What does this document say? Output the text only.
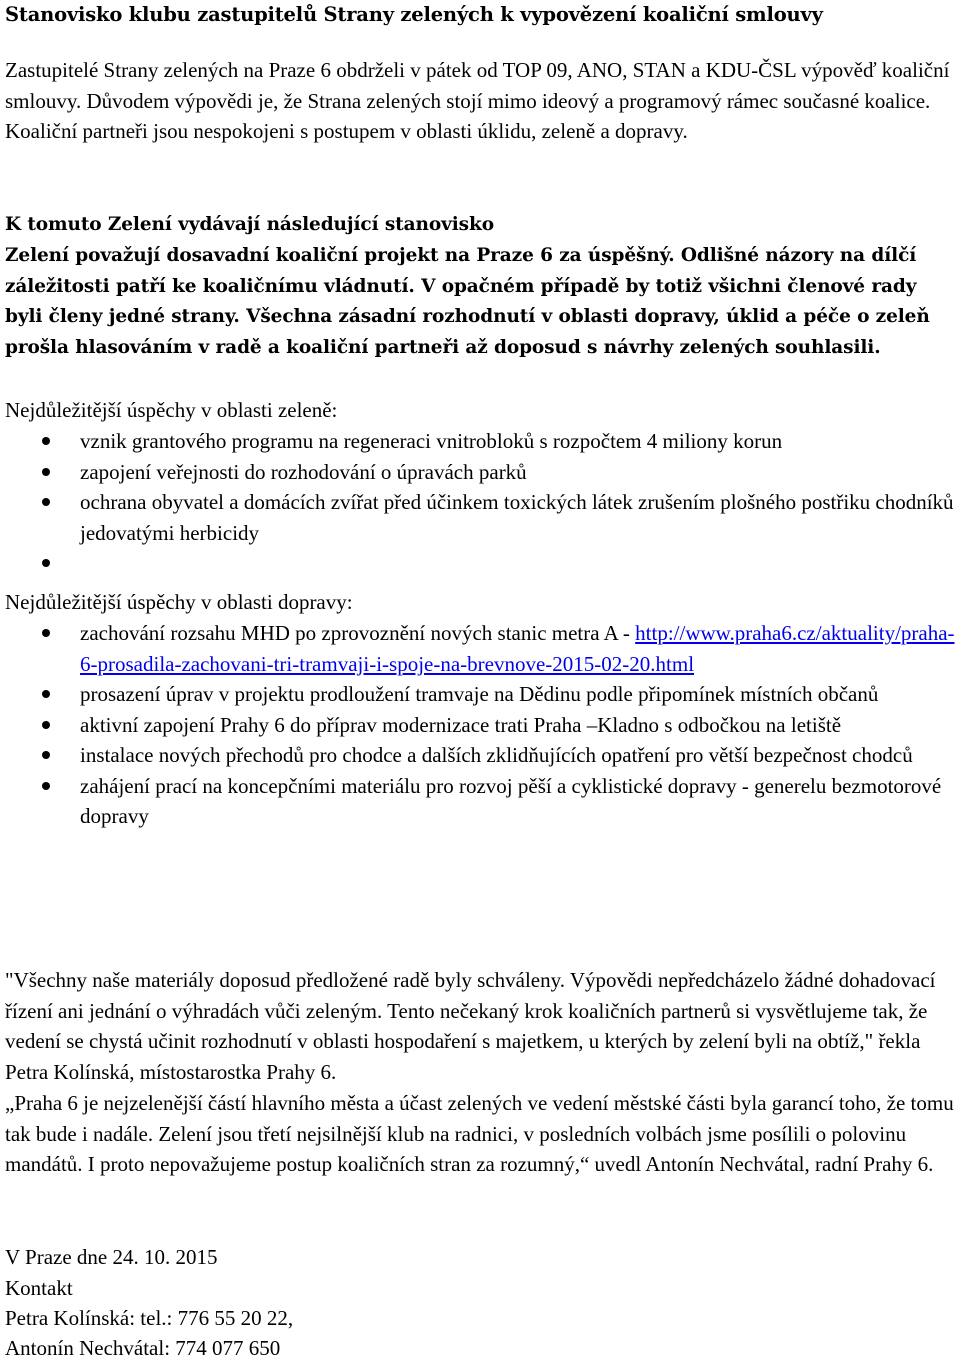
Stanovisko klubu zastupitelů Strany zelených k vypovězení koaliční smlouvy

Zastupitelé Strany zelených na Praze 6 obdrželi v pátek od TOP 09, ANO, STAN a KDU-ČSL výpověď koaliční smlouvy. Důvodem výpovědi je, že Strana zelených stojí mimo ideový a programový rámec současné koalice. Koaliční partneři jsou nespokojeni s postupem v oblasti úklidu, zeleně a dopravy.

K tomuto Zelení vydávají následující stanovisko

Zelení považují dosavadní koaliční projekt na Praze 6 za úspěšný. Odlišné názory na dílčí záležitosti patří ke koaličnímu vládnutí. V opačném případě by totiž všichni členové rady byli členy jedné strany. Všechna zásadní rozhodnutí v oblasti dopravy, úklid a péče o zeleň prošla hlasováním v radě a koaliční partneři až doposud s návrhy zelených souhlasili.

Nejdůležitější úspěchy v oblasti zeleně:

vznik grantového programu na regeneraci vnitrobloků s rozpočtem 4 miliony korun
zapojení veřejnosti do rozhodování o úpravách parků
ochrana obyvatel a domácích zvířat před účinkem toxických látek zrušením plošného postřiku chodníků jedovatými herbicidy

Nejdůležitější úspěchy v oblasti dopravy:

zachování rozsahu MHD po zprovoznění nových stanic metra A - http://www.praha6.cz/aktuality/praha-6-prosadila-zachovani-tri-tramvaji-i-spoje-na-brevnove-2015-02-20.html
prosazení úprav v projektu prodloužení tramvaje na Dědinu podle připomínek místních občanů
aktivní zapojení Prahy 6 do příprav modernizace trati Praha –Kladno s odbočkou na letiště
instalace nových přechodů pro chodce a dalších zklidňujících opatření pro větší bezpečnost chodců
zahájení prací na koncepčními materiálu pro rozvoj pěší a cyklistické dopravy - generelu bezmotorové dopravy

"Všechny naše materiály doposud předložené radě byly schváleny. Výpovědi nepředcházelo žádné dohadovací řízení ani jednání o výhradách vůči zeleným. Tento nečekaný krok koaličních partnerů si vysvětlujeme tak, že vedení se chystá učinit rozhodnutí v oblasti hospodaření s majetkem, u kterých by zelení byli na obtíž," řekla Petra Kolínská, místostarostka Prahy 6.

„Praha 6 je nejzelenější částí hlavního města a účast zelených ve vedení městské části byla garancí toho, že tomu tak bude i nadále. Zelení jsou třetí nejsilnější klub na radnici, v posledních volbách jsme posílili o polovinu mandátů. I proto nepovažujeme postup koaličních stran za rozumný,“ uvedl Antonín Nechvátal, radní Prahy 6.

V Praze dne 24. 10. 2015

Kontakt

Petra Kolínská: tel.: 776 55 20 22,

Antonín Nechvátal: 774 077 650
